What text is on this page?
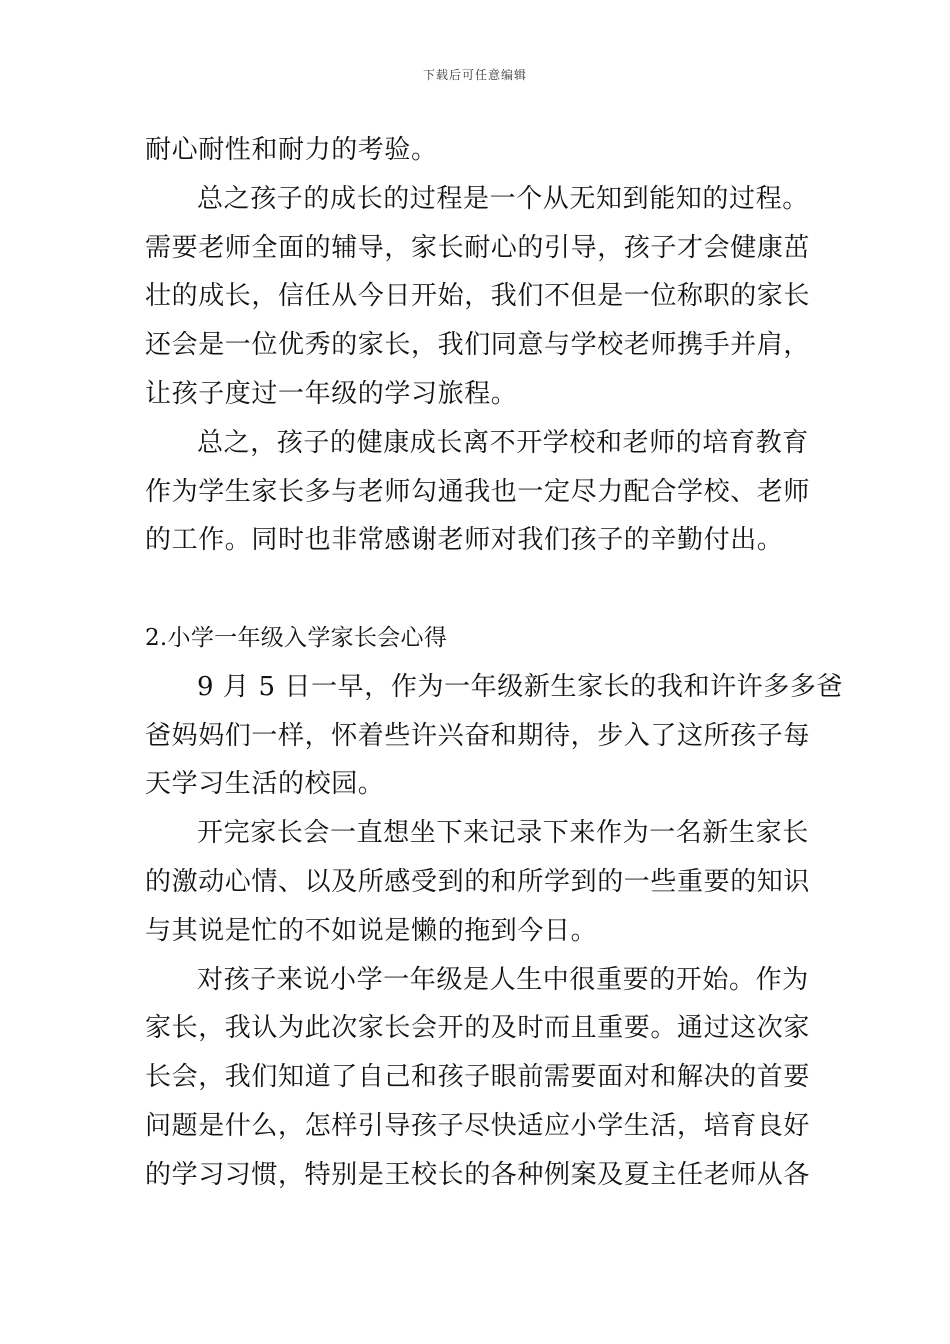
下载后可任意编辑
耐心耐性和耐力的考验。
总之孩子的成长的过程是一个从无知到能知的过程。
需要老师全面的辅导，家长耐心的引导，孩子才会健康茁
壮的成长，信任从今日开始，我们不但是一位称职的家长
还会是一位优秀的家长，我们同意与学校老师携手并肩，
让孩子度过一年级的学习旅程。
总之，孩子的健康成长离不开学校和老师的培育教育
作为学生家长多与老师勾通我也一定尽力配合学校、老师
的工作。同时也非常感谢老师对我们孩子的辛勤付出。
2.小学一年级入学家长会心得
9 月 5 日一早，作为一年级新生家长的我和许许多多爸
爸妈妈们一样，怀着些许兴奋和期待，步入了这所孩子每
天学习生活的校园。
开完家长会一直想坐下来记录下来作为一名新生家长
的激动心情、以及所感受到的和所学到的一些重要的知识
与其说是忙的不如说是懒的拖到今日。
对孩子来说小学一年级是人生中很重要的开始。作为
家长，我认为此次家长会开的及时而且重要。通过这次家
长会，我们知道了自己和孩子眼前需要面对和解决的首要
问题是什么，怎样引导孩子尽快适应小学生活，培育良好
的学习习惯，特别是王校长的各种例案及夏主任老师从各
